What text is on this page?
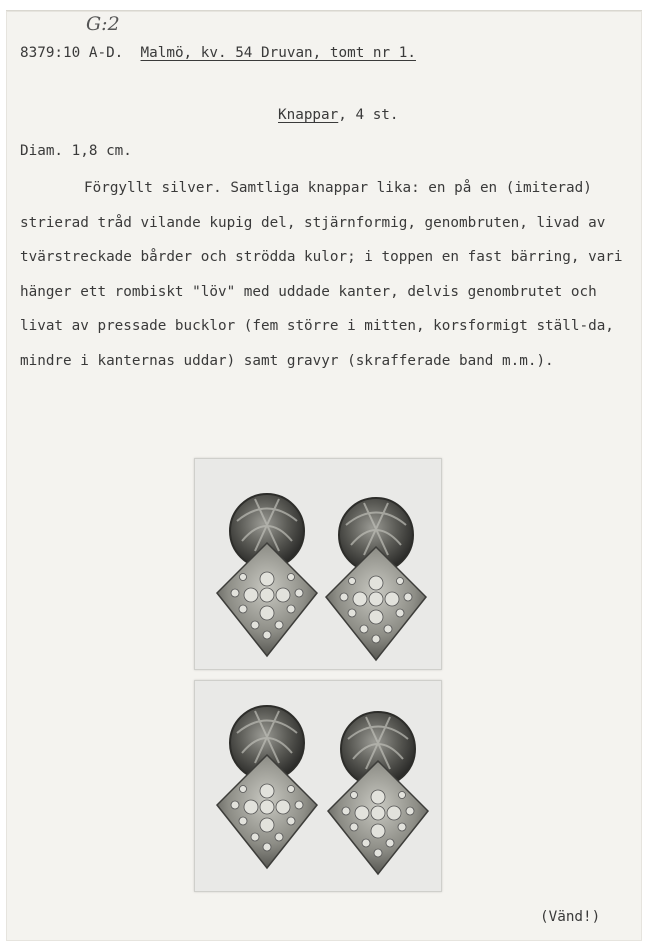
G:2
8379:10 A-D. Malmö, kv. 54 Druvan, tomt nr 1.
Knappar, 4 st.
Diam. 1,8 cm.
Förgyllt silver. Samtliga knappar lika: en på en (imiterad) strierad tråd vilande kupig del, stjärnformig, genombruten, livad av tvärstreckade bårder och strödda kulor; i toppen en fast bärring, vari hänger ett rombiskt "löv" med uddade kanter, delvis genombrutet och livat av pressade bucklor (fem större i mitten, korsformigt ställ-da, mindre i kanternas uddar) samt gravyr (skrafferade band m.m.).
(Vänd!)
